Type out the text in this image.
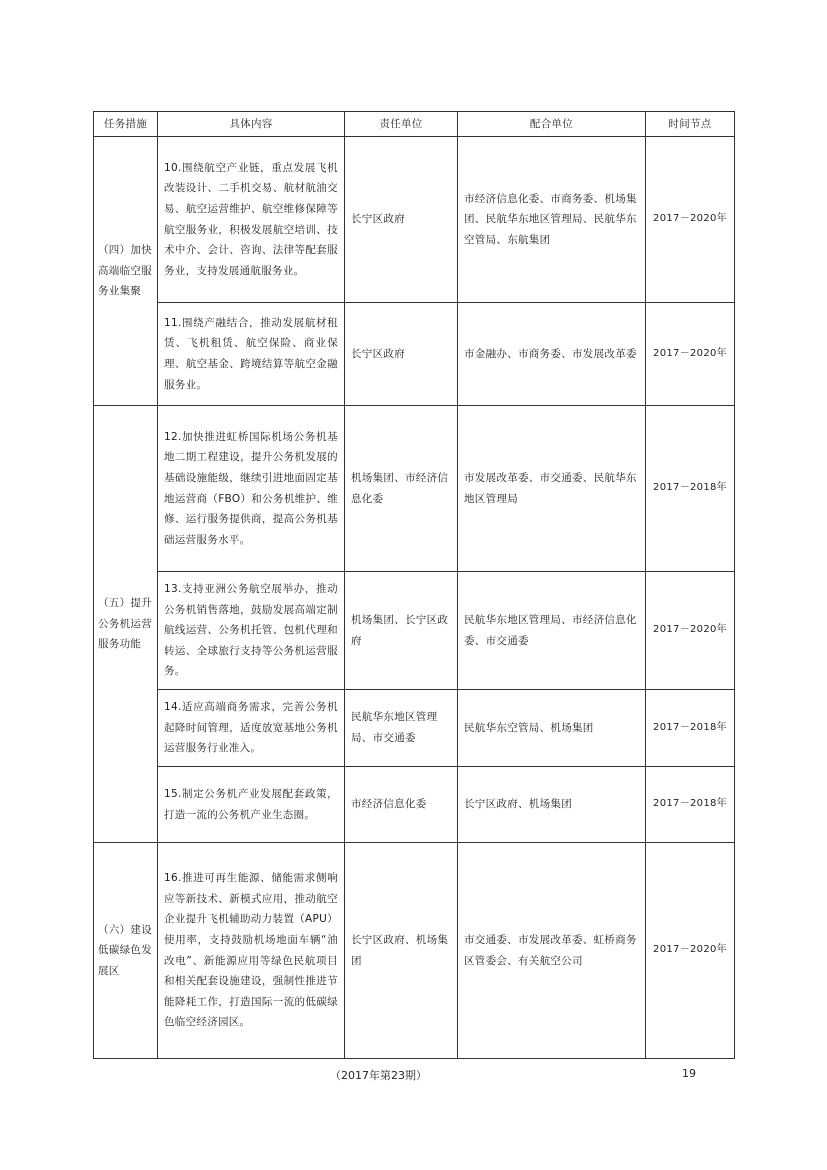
任务措施	具体内容	责任单位	配合单位	时间节点
（四）加快高端临空服务业集聚	10.围绕航空产业链，重点发展飞机改装设计、二手机交易、航材航油交易、航空运营维护、航空维修保障等航空服务业，积极发展航空培训、技术中介、会计、咨询、法律等配套服务业，支持发展通航服务业。	长宁区政府	市经济信息化委、市商务委、机场集团、民航华东地区管理局、民航华东空管局、东航集团	2017－2020年
	11.围绕产融结合，推动发展航材租赁、飞机租赁、航空保险、商业保理、航空基金、跨境结算等航空金融服务业。	长宁区政府	市金融办、市商务委、市发展改革委	2017－2020年
（五）提升公务机运营服务功能	12.加快推进虹桥国际机场公务机基地二期工程建设，提升公务机发展的基础设施能级，继续引进地面固定基地运营商（FBO）和公务机维护、维修、运行服务提供商，提高公务机基础运营服务水平。	机场集团、市经济信息化委	市发展改革委、市交通委、民航华东地区管理局	2017－2018年
	13.支持亚洲公务航空展举办，推动公务机销售落地，鼓励发展高端定制航线运营、公务机托管、包机代理和转运、全球旅行支持等公务机运营服务。	机场集团、长宁区政府	民航华东地区管理局、市经济信息化委、市交通委	2017－2020年
	14.适应高端商务需求，完善公务机起降时间管理，适度放宽基地公务机运营服务行业准入。	民航华东地区管理局、市交通委	民航华东空管局、机场集团	2017－2018年
	15.制定公务机产业发展配套政策，打造一流的公务机产业生态圈。	市经济信息化委	长宁区政府、机场集团	2017－2018年
（六）建设低碳绿色发展区	16.推进可再生能源、储能需求侧响应等新技术、新模式应用，推动航空企业提升飞机辅助动力装置（APU）使用率，支持鼓励机场地面车辆“油改电”、新能源应用等绿色民航项目和相关配套设施建设，强制性推进节能降耗工作，打造国际一流的低碳绿色临空经济园区。	长宁区政府、机场集团	市交通委、市发展改革委、虹桥商务区管委会、有关航空公司	2017－2020年
（2017年第23期）	19
